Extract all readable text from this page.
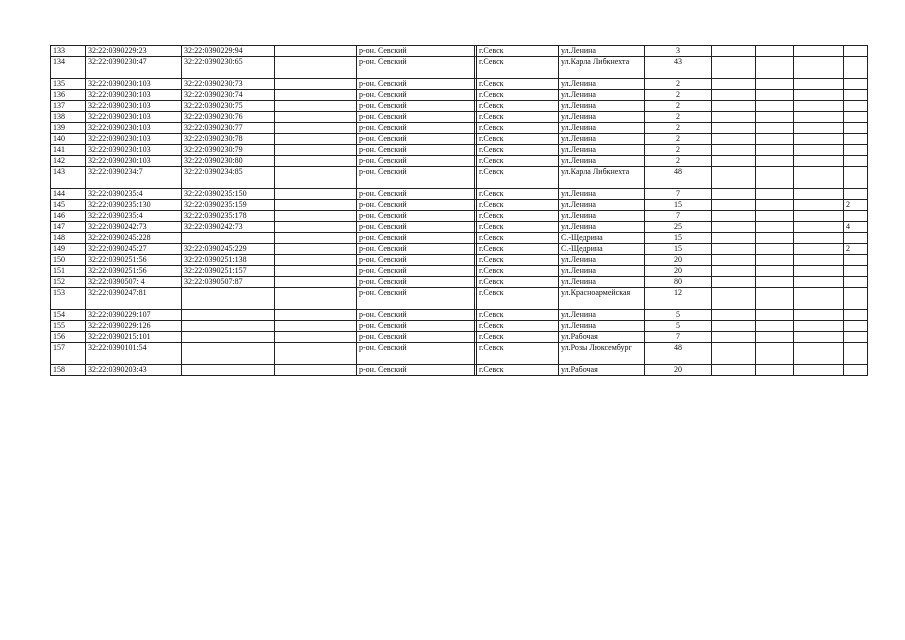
133	32:22:0390229:23	32:22:0390229:94		р-он. Севский		г.Севск	ул.Ленина	3				
134	32:22:0390230:47	32:22:0390230:65		р-он. Севский		г.Севск	ул.Карла Либкнехта	43				
135	32:22:0390230:103	32:22:0390230:73		р-он. Севский		г.Севск	ул.Ленина	2				
136	32:22:0390230:103	32:22:0390230:74		р-он. Севский		г.Севск	ул.Ленина	2				
137	32:22:0390230:103	32:22:0390230:75		р-он. Севский		г.Севск	ул.Ленина	2				
138	32:22:0390230:103	32:22:0390230:76		р-он. Севский		г.Севск	ул.Ленина	2				
139	32:22:0390230:103	32:22:0390230:77		р-он. Севский		г.Севск	ул.Ленина	2				
140	32:22:0390230:103	32:22:0390230:78		р-он. Севский		г.Севск	ул.Ленина	2				
141	32:22:0390230:103	32:22:0390230:79		р-он. Севский		г.Севск	ул.Ленина	2				
142	32:22:0390230:103	32:22:0390230:80		р-он. Севский		г.Севск	ул.Ленина	2				
143	32:22:0390234:7	32:22:0390234:85		р-он. Севский		г.Севск	ул.Карла Либкнехта	48				
144	32:22:0390235:4	32:22:0390235:150		р-он. Севский		г.Севск	ул.Ленина	7				
145	32:22:0390235:130	32:22:0390235:159		р-он. Севский		г.Севск	ул.Ленина	15				2
146	32:22:0390235:4	32:22:0390235:178		р-он. Севский		г.Севск	ул.Ленина	7				
147	32:22:0390242:73	32:22:0390242:73		р-он. Севский		г.Севск	ул.Ленина	25				4
148	32:22:0390245:228			р-он. Севский		г.Севск	С.-Щедрина	15				
149	32:22:0390245:27	32:22:0390245:229		р-он. Севский		г.Севск	С.-Щедрина	15				2
150	32:22:0390251:56	32:22:0390251:138		р-он. Севский		г.Севск	ул.Ленина	20				
151	32:22:0390251:56	32:22:0390251:157		р-он. Севский		г.Севск	ул.Ленина	20				
152	32:22:0390507: 4	32:22:0390507:87		р-он. Севский		г.Севск	ул.Ленина	80				
153	32:22:0390247:81			р-он. Севский		г.Севск	ул.Красноармейская	12				
154	32:22:0390229:107			р-он. Севский		г.Севск	ул.Ленина	5				
155	32:22:0390229:126			р-он. Севский		г.Севск	ул.Ленина	5				
156	32:22:0390215:101			р-он. Севский		г.Севск	ул.Рабочая	7				
157	32:22:0390101:54			р-он. Севский		г.Севск	ул.Розы Люксембург	48				
158	32:22:0390203:43			р-он. Севский		г.Севск	ул.Рабочая	20				
